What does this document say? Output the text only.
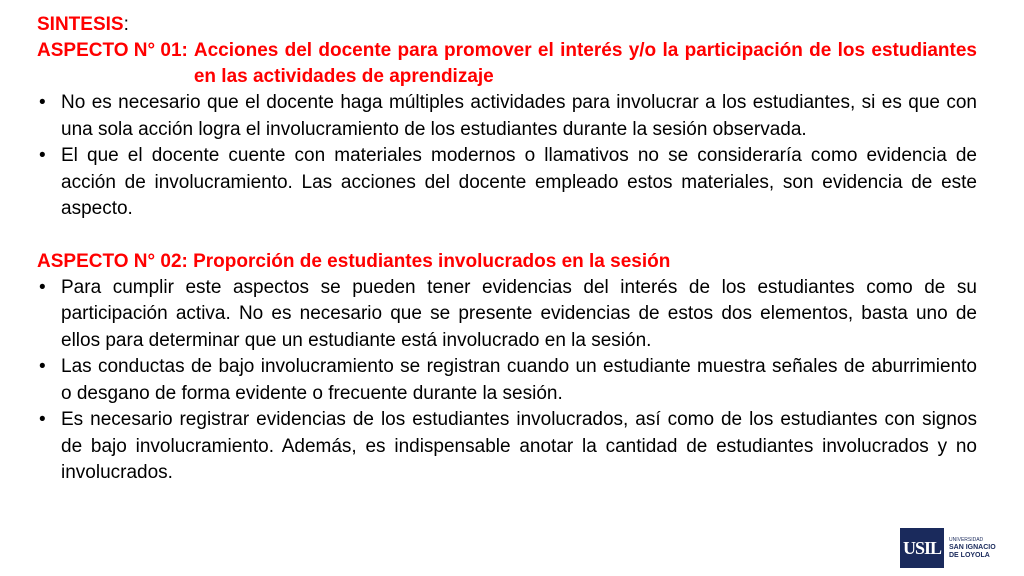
SINTESIS:
ASPECTO N° 01: Acciones del docente para promover el interés y/o la participación de los estudiantes en las actividades de aprendizaje
• No es necesario que el docente haga múltiples actividades para involucrar a los estudiantes, si es que con una sola acción logra el involucramiento de los estudiantes durante la sesión observada.
• El que el docente cuente con materiales modernos o llamativos no se consideraría como evidencia de acción de involucramiento. Las acciones del docente empleado estos materiales, son evidencia de este aspecto.
ASPECTO N° 02: Proporción de estudiantes involucrados en la sesión
• Para cumplir este aspectos se pueden tener evidencias del interés de los estudiantes como de su participación activa. No es necesario que se presente evidencias de estos dos elementos, basta uno de ellos para determinar que un estudiante está involucrado en la sesión.
• Las conductas de bajo involucramiento se registran cuando un estudiante muestra señales de aburrimiento o desgano de forma evidente o frecuente durante la sesión.
• Es necesario registrar evidencias de los estudiantes involucrados, así como de los estudiantes con signos de bajo involucramiento. Además, es indispensable anotar la cantidad de estudiantes involucrados y no involucrados.
USIL	UNIVERSIDAD
SAN IGNACIO
DE LOYOLA
